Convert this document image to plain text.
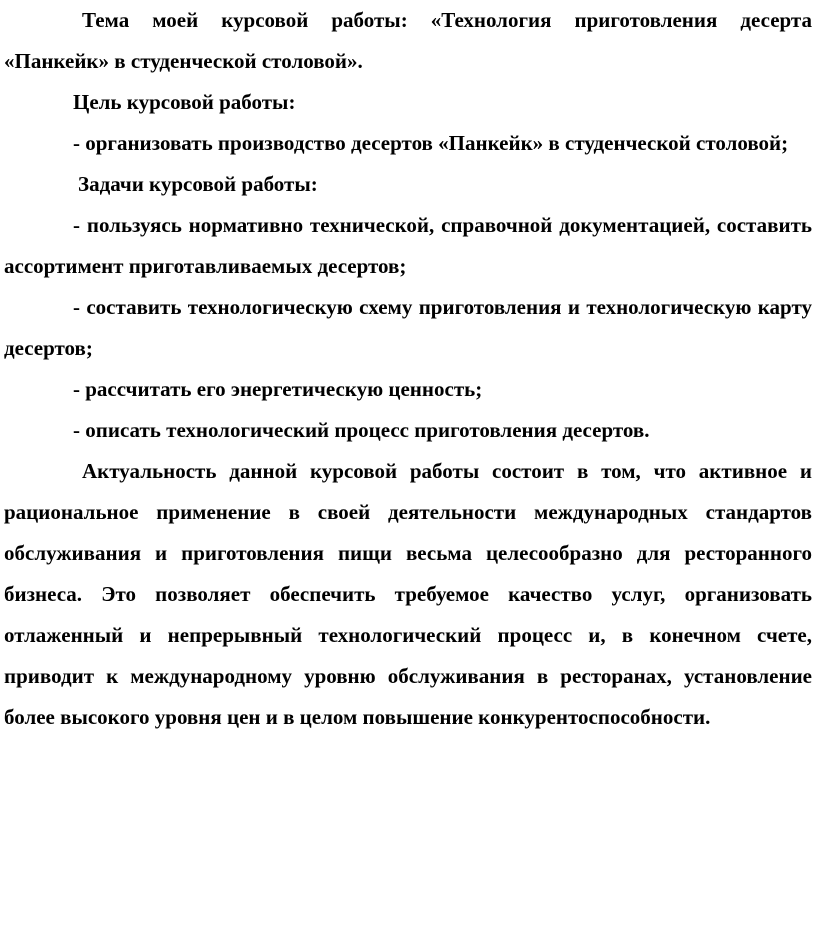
Тема моей курсовой работы: «Технология приготовления десерта «Панкейк» в студенческой столовой».

Цель курсовой работы:

- организовать производство десертов «Панкейк» в студенческой столовой;

Задачи курсовой работы:

- пользуясь нормативно технической, справочной документацией, составить ассортимент приготавливаемых десертов;

- составить технологическую схему приготовления и технологическую карту десертов;

- рассчитать его энергетическую ценность;

- описать технологический процесс приготовления десертов.

Актуальность данной курсовой работы состоит в том, что активное и рациональное применение в своей деятельности международных стандартов обслуживания и приготовления пищи весьма целесообразно для ресторанного бизнеса. Это позволяет обеспечить требуемое качество услуг, организовать отлаженный и непрерывный технологический процесс и, в конечном счете, приводит к международному уровню обслуживания в ресторанах, установление более высокого уровня цен и в целом повышение конкурентоспособности.
